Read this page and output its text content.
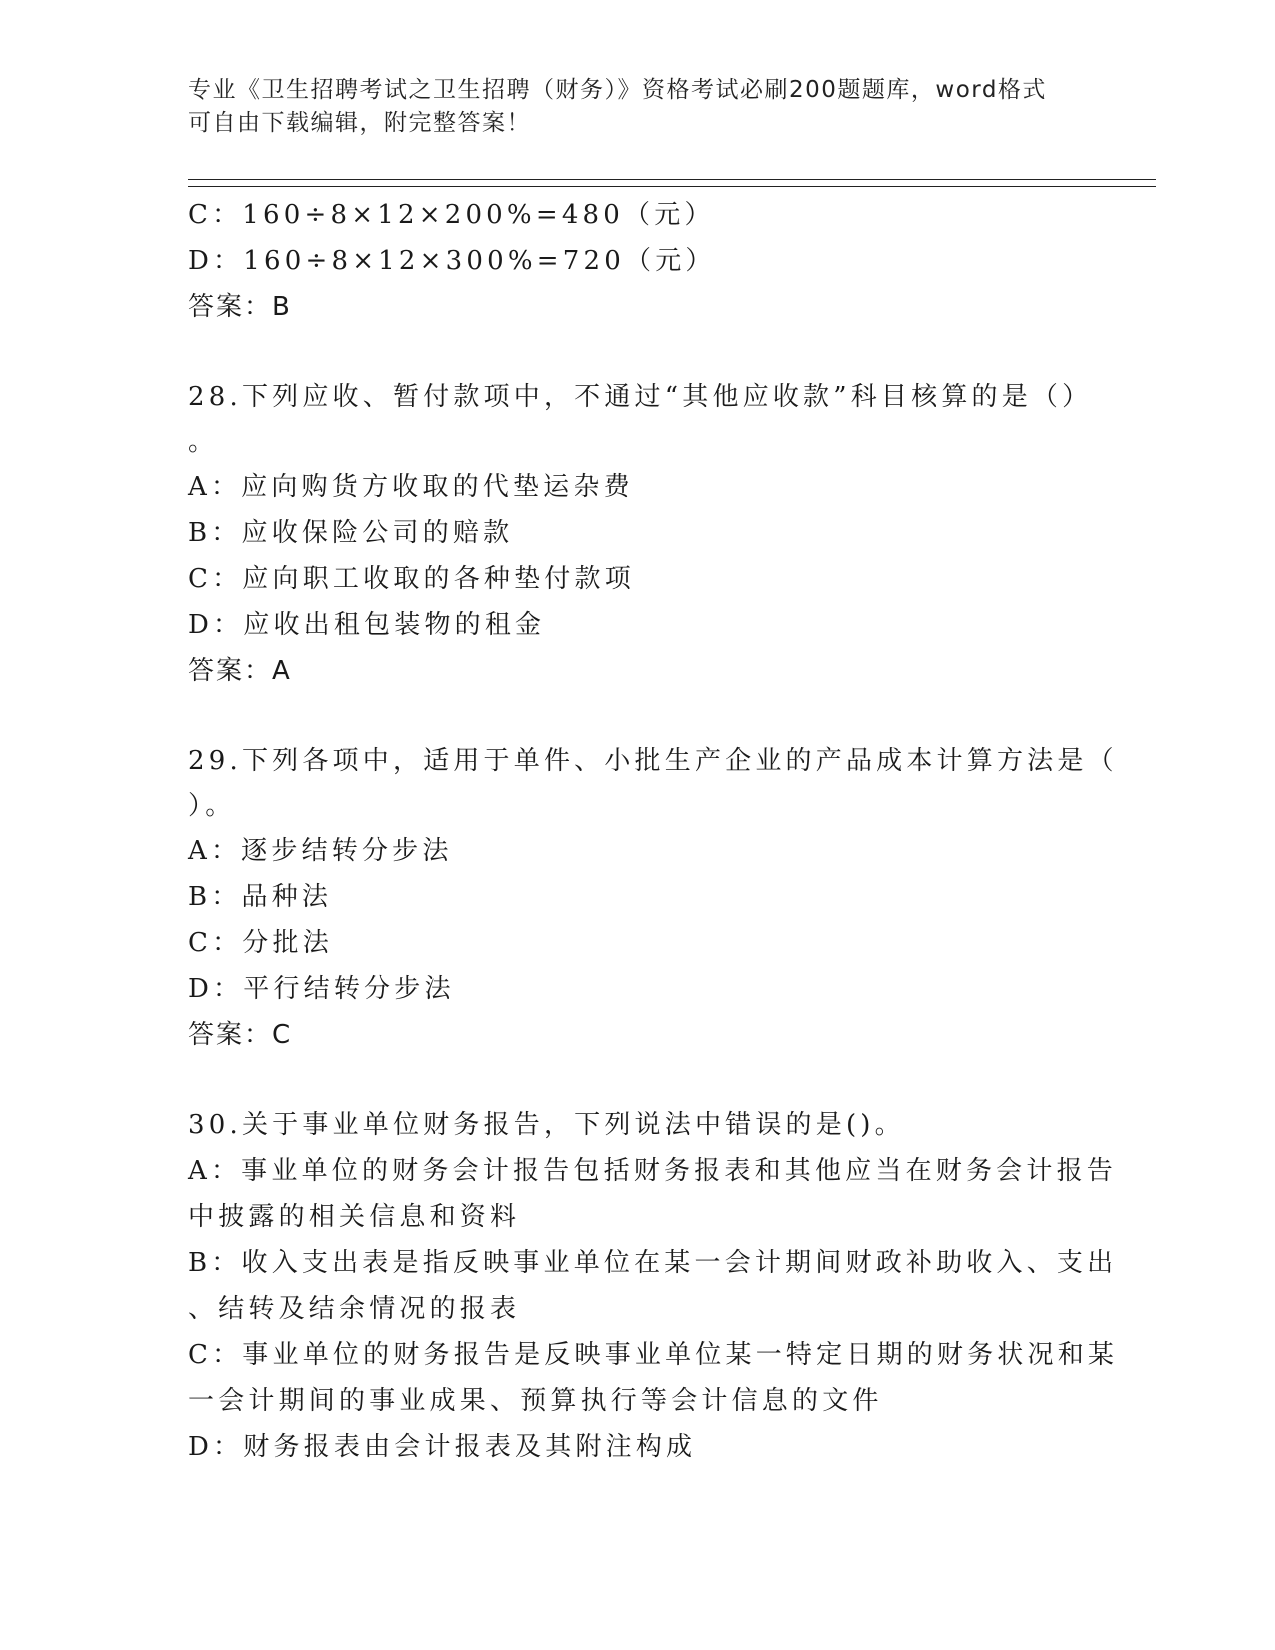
专业《卫生招聘考试之卫生招聘（财务）》资格考试必刷200题题库，word格式
可自由下载编辑，附完整答案！
C：160÷8×12×200%=480（元）
D：160÷8×12×300%=720（元）
答案：B
28.下列应收、暂付款项中，不通过“其他应收款”科目核算的是（）
。
A：应向购货方收取的代垫运杂费
B：应收保险公司的赔款
C：应向职工收取的各种垫付款项
D：应收出租包装物的租金
答案：A
29.下列各项中，适用于单件、小批生产企业的产品成本计算方法是（
）。
A：逐步结转分步法
B：品种法
C：分批法
D：平行结转分步法
答案：C
30.关于事业单位财务报告，下列说法中错误的是()。
A：事业单位的财务会计报告包括财务报表和其他应当在财务会计报告
中披露的相关信息和资料
B：收入支出表是指反映事业单位在某一会计期间财政补助收入、支出
、结转及结余情况的报表
C：事业单位的财务报告是反映事业单位某一特定日期的财务状况和某
一会计期间的事业成果、预算执行等会计信息的文件
D：财务报表由会计报表及其附注构成
